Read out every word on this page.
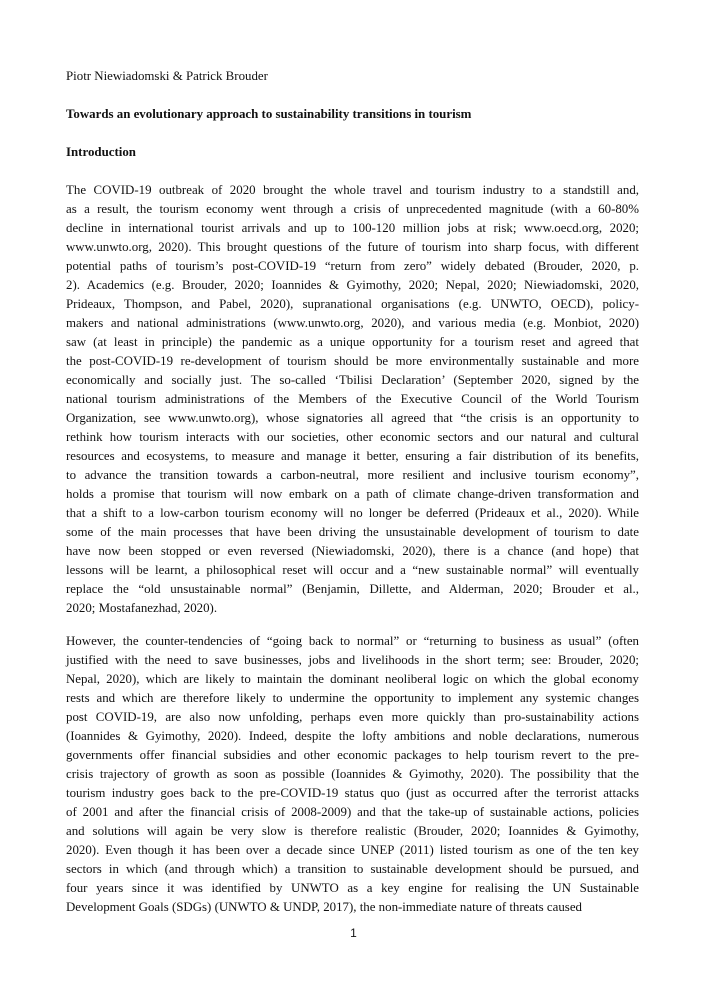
Piotr Niewiadomski & Patrick Brouder

Towards an evolutionary approach to sustainability transitions in tourism

Introduction

The COVID-19 outbreak of 2020 brought the whole travel and tourism industry to a standstill and,

as a result, the tourism economy went through a crisis of unprecedented magnitude (with a 60-80%

decline in international tourist arrivals and up to 100-120 million jobs at risk; www.oecd.org, 2020;

www.unwto.org, 2020). This brought questions of the future of tourism into sharp focus, with different

potential paths of tourism’s post-COVID-19 “return from zero” widely debated (Brouder, 2020, p.

2). Academics (e.g. Brouder, 2020; Ioannides & Gyimothy, 2020; Nepal, 2020; Niewiadomski, 2020,

Prideaux, Thompson, and Pabel, 2020), supranational organisations (e.g. UNWTO, OECD), policy-

makers and national administrations (www.unwto.org, 2020), and various media (e.g. Monbiot, 2020)

saw (at least in principle) the pandemic as a unique opportunity for a tourism reset and agreed that

the post-COVID-19 re-development of tourism should be more environmentally sustainable and more

economically and socially just. The so-called ‘Tbilisi Declaration’ (September 2020, signed by the

national tourism administrations of the Members of the Executive Council of the World Tourism

Organization, see www.unwto.org), whose signatories all agreed that “the crisis is an opportunity to

rethink how tourism interacts with our societies, other economic sectors and our natural and cultural

resources and ecosystems, to measure and manage it better, ensuring a fair distribution of its benefits,

to advance the transition towards a carbon-neutral, more resilient and inclusive tourism economy”,

holds a promise that tourism will now embark on a path of climate change-driven transformation and

that a shift to a low-carbon tourism economy will no longer be deferred (Prideaux et al., 2020). While

some of the main processes that have been driving the unsustainable development of tourism to date

have now been stopped or even reversed (Niewiadomski, 2020), there is a chance (and hope) that

lessons will be learnt, a philosophical reset will occur and a “new sustainable normal” will eventually

replace the “old unsustainable normal” (Benjamin, Dillette, and Alderman, 2020; Brouder et al.,

2020; Mostafanezhad, 2020).

However, the counter-tendencies of “going back to normal” or “returning to business as usual” (often

justified with the need to save businesses, jobs and livelihoods in the short term; see: Brouder, 2020;

Nepal, 2020), which are likely to maintain the dominant neoliberal logic on which the global economy

rests and which are therefore likely to undermine the opportunity to implement any systemic changes

post COVID-19, are also now unfolding, perhaps even more quickly than pro-sustainability actions

(Ioannides & Gyimothy, 2020). Indeed, despite the lofty ambitions and noble declarations, numerous

governments offer financial subsidies and other economic packages to help tourism revert to the pre-

crisis trajectory of growth as soon as possible (Ioannides & Gyimothy, 2020). The possibility that the

tourism industry goes back to the pre-COVID-19 status quo (just as occurred after the terrorist attacks

of 2001 and after the financial crisis of 2008-2009) and that the take-up of sustainable actions, policies

and solutions will again be very slow is therefore realistic (Brouder, 2020; Ioannides & Gyimothy,

2020). Even though it has been over a decade since UNEP (2011) listed tourism as one of the ten key

sectors in which (and through which) a transition to sustainable development should be pursued, and

four years since it was identified by UNWTO as a key engine for realising the UN Sustainable

Development Goals (SDGs) (UNWTO & UNDP, 2017), the non-immediate nature of threats caused

1
